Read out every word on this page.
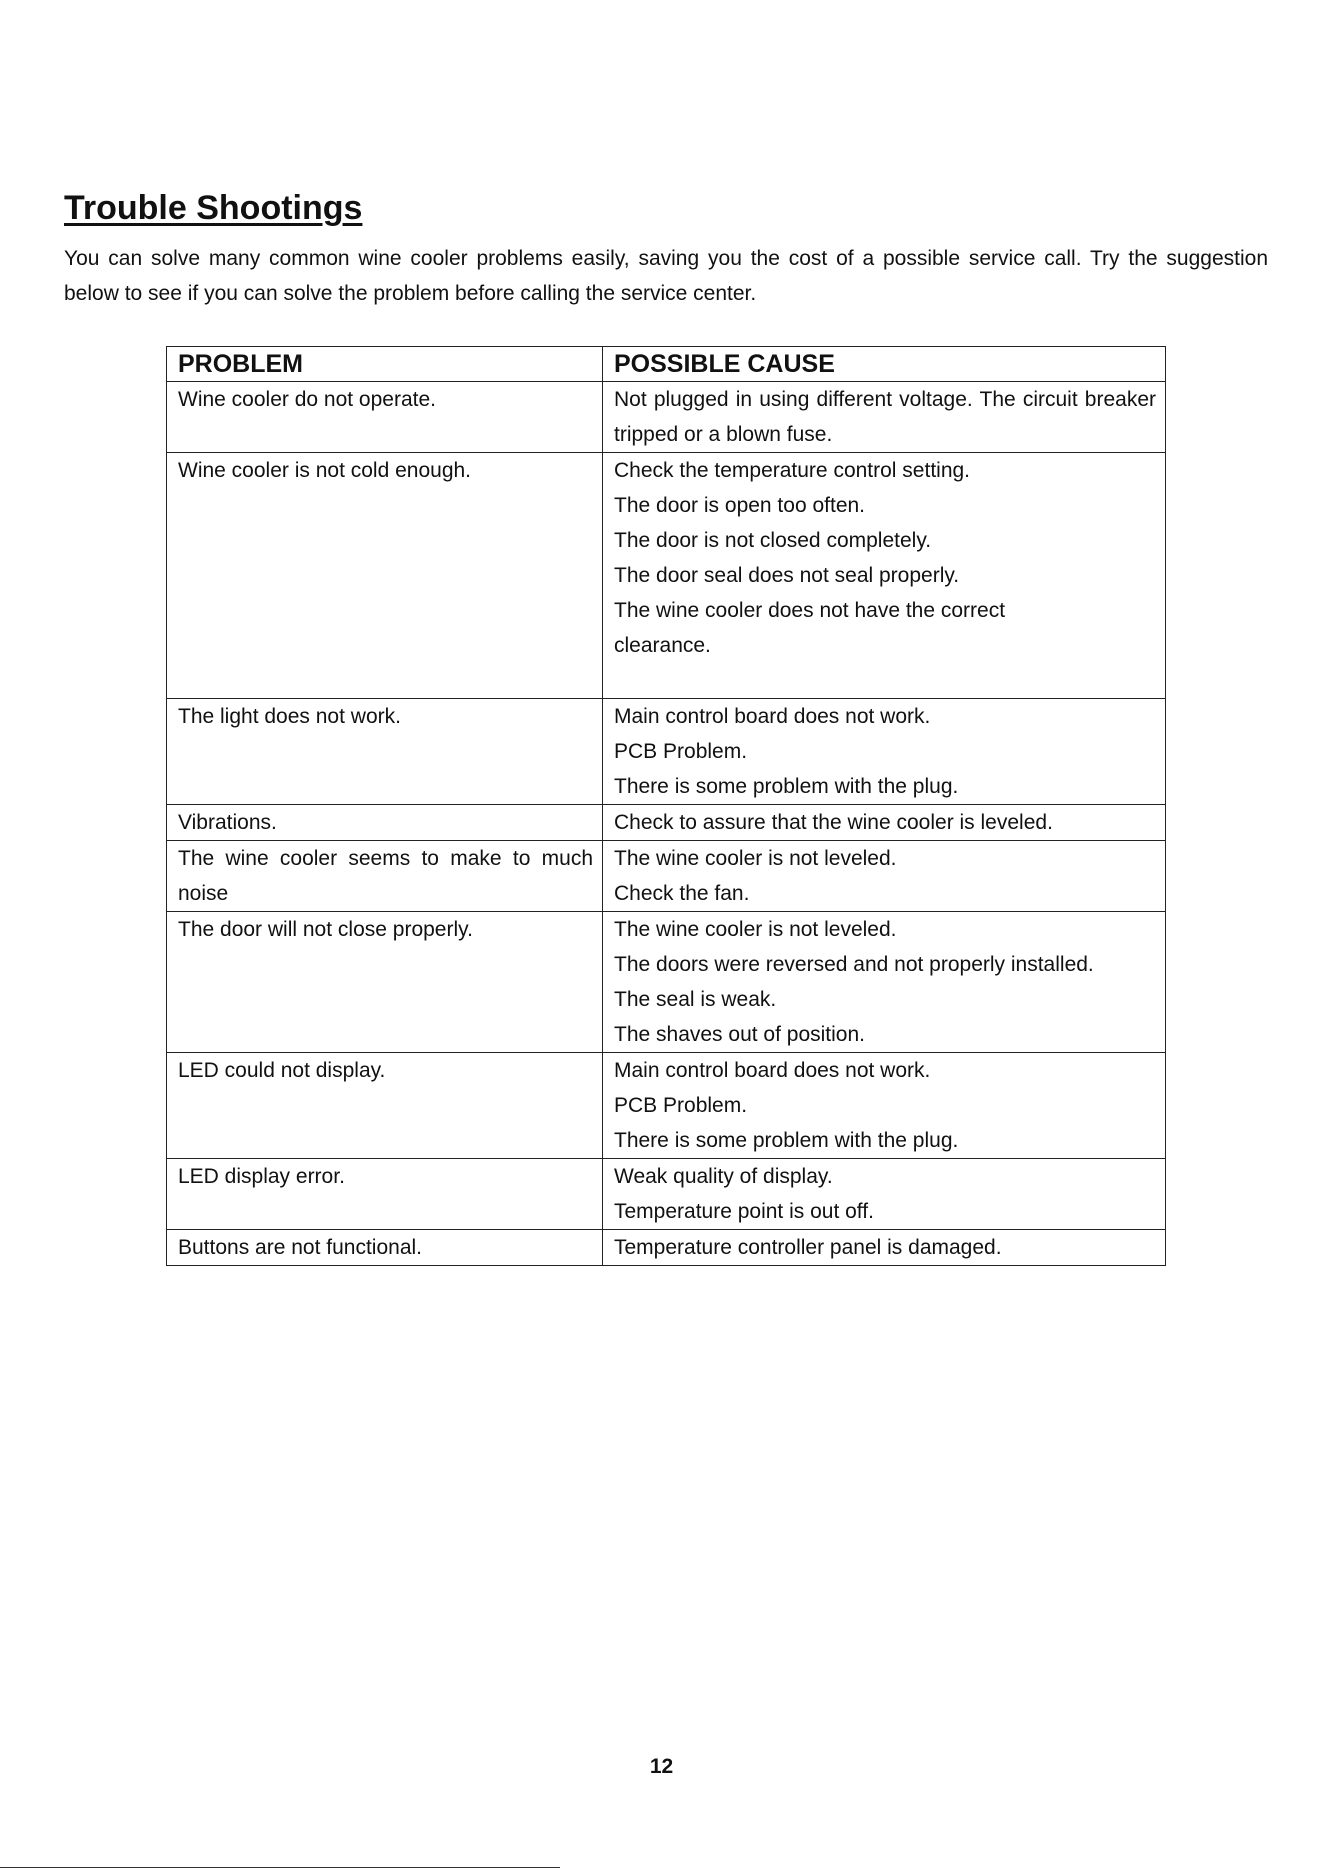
Trouble Shootings

You can solve many common wine cooler problems easily, saving you the cost of a possible service call. Try the suggestion below to see if you can solve the problem before calling the service center.

PROBLEM	POSSIBLE CAUSE
Wine cooler do not operate.	Not plugged in using different voltage. The circuit breaker tripped or a blown fuse.

Wine cooler is not cold enough.	Check the temperature control setting.
The door is open too often.
The door is not closed completely.
The door seal does not seal properly.
The wine cooler does not have the correct clearance.

The light does not work.	Main control board does not work.
PCB Problem.
There is some problem with the plug.

Vibrations.	Check to assure that the wine cooler is leveled.

The wine cooler seems to make to much noise	The wine cooler is not leveled.
Check the fan.

The door will not close properly.	The wine cooler is not leveled.
The doors were reversed and not properly installed.
The seal is weak.
The shaves out of position.

LED could not display.	Main control board does not work.
PCB Problem.
There is some problem with the plug.

LED display error.	Weak quality of display.
Temperature point is out off.

Buttons are not functional.	Temperature controller panel is damaged.

12
